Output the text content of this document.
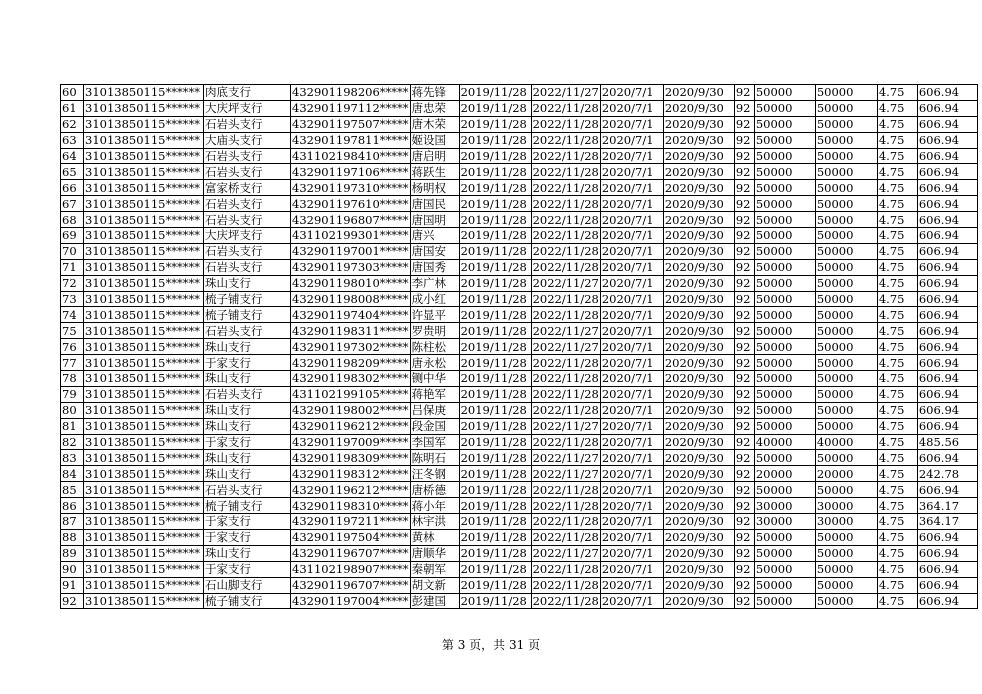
60	31013850115******	肉底支行	432901198206*****	蒋先锋	2019/11/28	2022/11/27	2020/7/1	2020/9/30	92	50000	50000	4.75	606.94
61	31013850115******	大庆坪支行	432901197112*****	唐忠荣	2019/11/28	2022/11/28	2020/7/1	2020/9/30	92	50000	50000	4.75	606.94
62	31013850115******	石岩头支行	432901197507*****	唐木荣	2019/11/28	2022/11/28	2020/7/1	2020/9/30	92	50000	50000	4.75	606.94
63	31013850115******	大庙头支行	432901197811*****	姬设国	2019/11/28	2022/11/28	2020/7/1	2020/9/30	92	50000	50000	4.75	606.94
64	31013850115******	石岩头支行	431102198410*****	唐启明	2019/11/28	2022/11/28	2020/7/1	2020/9/30	92	50000	50000	4.75	606.94
65	31013850115******	石岩头支行	432901197106*****	蒋跃生	2019/11/28	2022/11/28	2020/7/1	2020/9/30	92	50000	50000	4.75	606.94
66	31013850115******	富家桥支行	432901197310*****	杨明权	2019/11/28	2022/11/28	2020/7/1	2020/9/30	92	50000	50000	4.75	606.94
67	31013850115******	石岩头支行	432901197610*****	唐国民	2019/11/28	2022/11/28	2020/7/1	2020/9/30	92	50000	50000	4.75	606.94
68	31013850115******	石岩头支行	432901196807*****	唐国明	2019/11/28	2022/11/28	2020/7/1	2020/9/30	92	50000	50000	4.75	606.94
69	31013850115******	大庆坪支行	431102199301*****	唐兴	2019/11/28	2022/11/28	2020/7/1	2020/9/30	92	50000	50000	4.75	606.94
70	31013850115******	石岩头支行	432901197001*****	唐国安	2019/11/28	2022/11/28	2020/7/1	2020/9/30	92	50000	50000	4.75	606.94
71	31013850115******	石岩头支行	432901197303*****	唐国秀	2019/11/28	2022/11/28	2020/7/1	2020/9/30	92	50000	50000	4.75	606.94
72	31013850115******	珠山支行	432901198010*****	李广林	2019/11/28	2022/11/27	2020/7/1	2020/9/30	92	50000	50000	4.75	606.94
73	31013850115******	梳子铺支行	432901198008*****	成小红	2019/11/28	2022/11/28	2020/7/1	2020/9/30	92	50000	50000	4.75	606.94
74	31013850115******	梳子铺支行	432901197404*****	许显平	2019/11/28	2022/11/28	2020/7/1	2020/9/30	92	50000	50000	4.75	606.94
75	31013850115******	石岩头支行	432901198311*****	罗贵明	2019/11/28	2022/11/27	2020/7/1	2020/9/30	92	50000	50000	4.75	606.94
76	31013850115******	珠山支行	432901197302*****	陈柱松	2019/11/28	2022/11/27	2020/7/1	2020/9/30	92	50000	50000	4.75	606.94
77	31013850115******	于家支行	432901198209*****	唐永松	2019/11/28	2022/11/28	2020/7/1	2020/9/30	92	50000	50000	4.75	606.94
78	31013850115******	珠山支行	432901198302*****	铡中华	2019/11/28	2022/11/28	2020/7/1	2020/9/30	92	50000	50000	4.75	606.94
79	31013850115******	石岩头支行	431102199105*****	蒋艳军	2019/11/28	2022/11/28	2020/7/1	2020/9/30	92	50000	50000	4.75	606.94
80	31013850115******	珠山支行	432901198002*****	吕保庚	2019/11/28	2022/11/28	2020/7/1	2020/9/30	92	50000	50000	4.75	606.94
81	31013850115******	珠山支行	432901196212*****	段金国	2019/11/28	2022/11/27	2020/7/1	2020/9/30	92	50000	50000	4.75	606.94
82	31013850115******	于家支行	432901197009*****	李国军	2019/11/28	2022/11/28	2020/7/1	2020/9/30	92	40000	40000	4.75	485.56
83	31013850115******	珠山支行	432901198309*****	陈明石	2019/11/28	2022/11/27	2020/7/1	2020/9/30	92	50000	50000	4.75	606.94
84	31013850115******	珠山支行	432901198312*****	汪冬钢	2019/11/28	2022/11/27	2020/7/1	2020/9/30	92	20000	20000	4.75	242.78
85	31013850115******	石岩头支行	432901196212*****	唐桥德	2019/11/28	2022/11/28	2020/7/1	2020/9/30	92	50000	50000	4.75	606.94
86	31013850115******	梳子铺支行	432901198310*****	蒋小年	2019/11/28	2022/11/28	2020/7/1	2020/9/30	92	30000	30000	4.75	364.17
87	31013850115******	于家支行	432901197211*****	林宇洪	2019/11/28	2022/11/28	2020/7/1	2020/9/30	92	30000	30000	4.75	364.17
88	31013850115******	于家支行	432901197504*****	黄林	2019/11/28	2022/11/28	2020/7/1	2020/9/30	92	50000	50000	4.75	606.94
89	31013850115******	珠山支行	432901196707*****	唐顺华	2019/11/28	2022/11/27	2020/7/1	2020/9/30	92	50000	50000	4.75	606.94
90	31013850115******	于家支行	431102198907*****	秦朝军	2019/11/28	2022/11/28	2020/7/1	2020/9/30	92	50000	50000	4.75	606.94
91	31013850115******	石山脚支行	432901196707*****	胡文新	2019/11/28	2022/11/28	2020/7/1	2020/9/30	92	50000	50000	4.75	606.94
92	31013850115******	梳子铺支行	432901197004*****	彭建国	2019/11/28	2022/11/28	2020/7/1	2020/9/30	92	50000	50000	4.75	606.94
第 3 页，共 31 页
